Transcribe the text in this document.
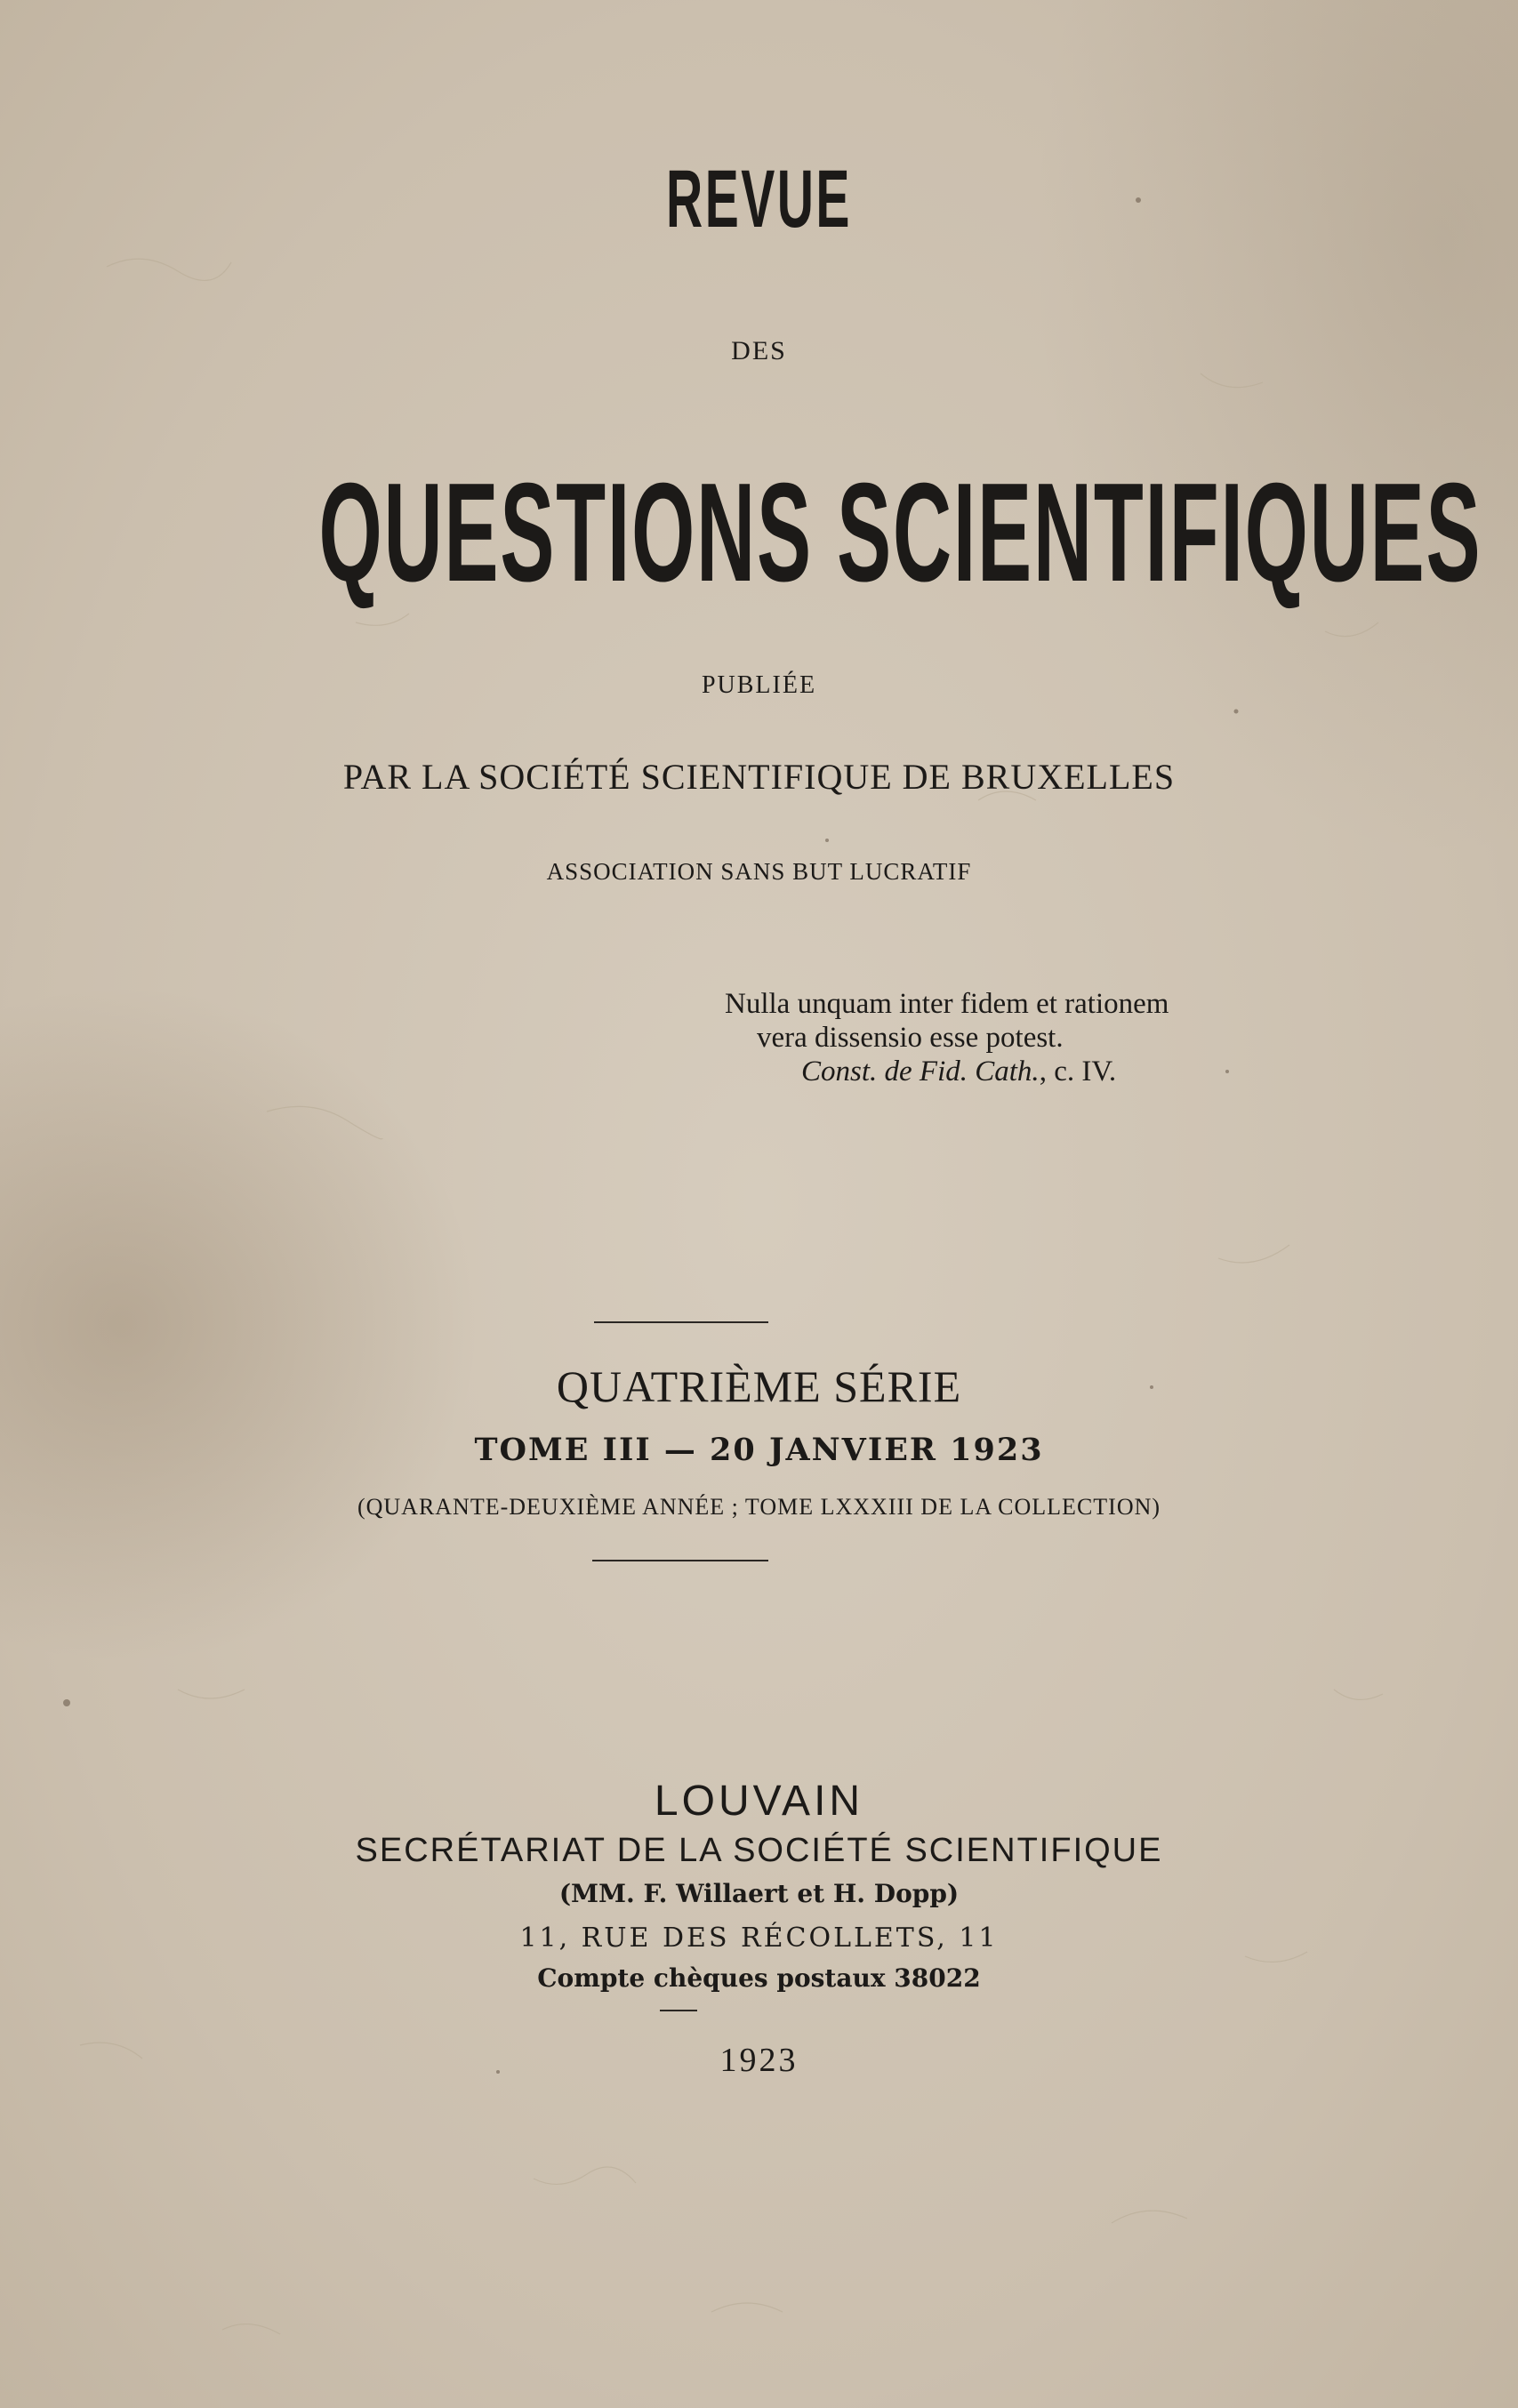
REVUE
DES
QUESTIONS SCIENTIFIQUES
PUBLIÉE
PAR LA SOCIÉTÉ SCIENTIFIQUE DE BRUXELLES
ASSOCIATION SANS BUT LUCRATIF
Nulla unquam inter fidem et rationem
vera dissensio esse potest.
Const. de Fid. Cath., c. IV.
QUATRIÈME SÉRIE
TOME III — 20 JANVIER 1923
(QUARANTE-DEUXIÈME ANNÉE ; TOME LXXXIII DE LA COLLECTION)
LOUVAIN
SECRÉTARIAT DE LA SOCIÉTÉ SCIENTIFIQUE
(MM. F. Willaert et H. Dopp)
11, RUE DES RÉCOLLETS, 11
Compte chèques postaux 38022
1923
